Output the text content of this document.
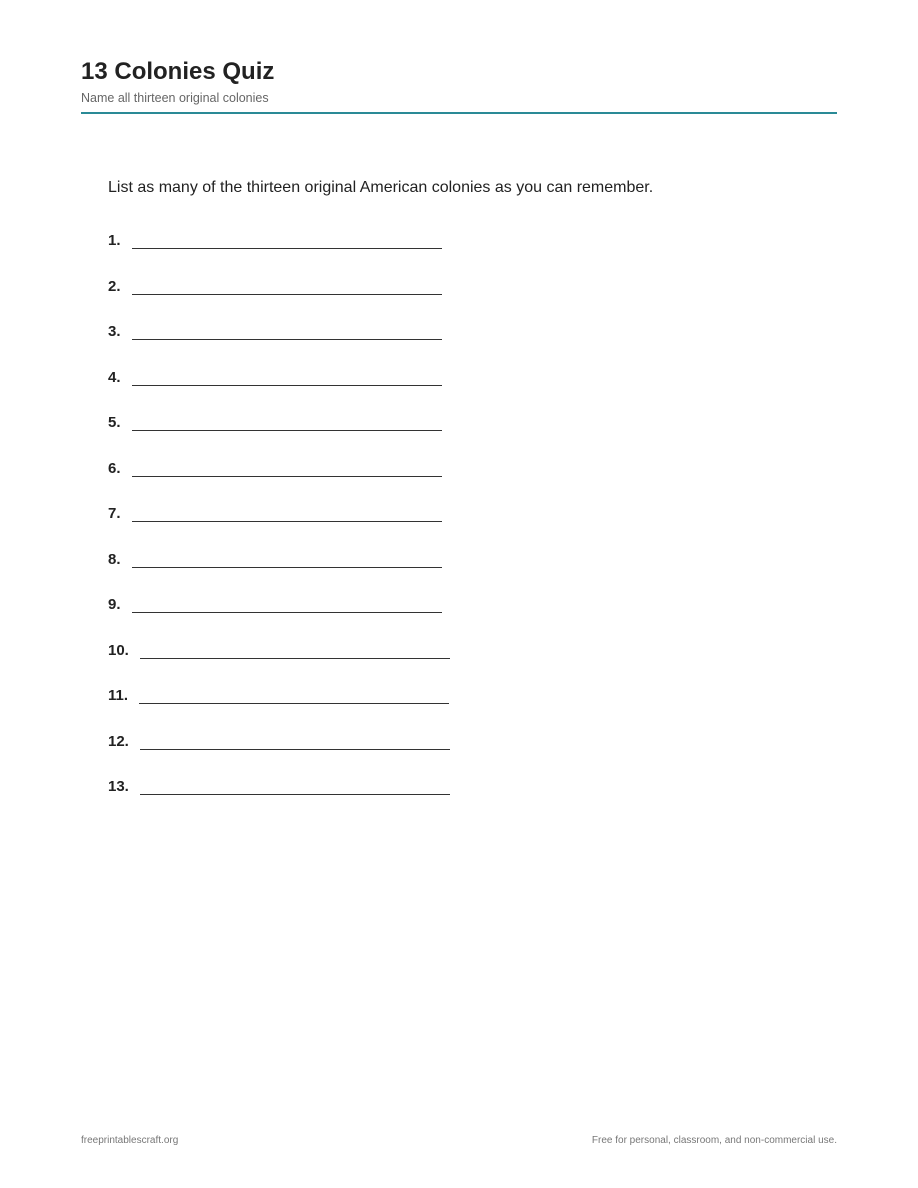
13 Colonies Quiz

Name all thirteen original colonies

List as many of the thirteen original American colonies as you can remember.

1.
2.
3.
4.
5.
6.
7.
8.
9.
10.
11.
12.
13.
freeprintablescraft.org	Free for personal, classroom, and non-commercial use.
